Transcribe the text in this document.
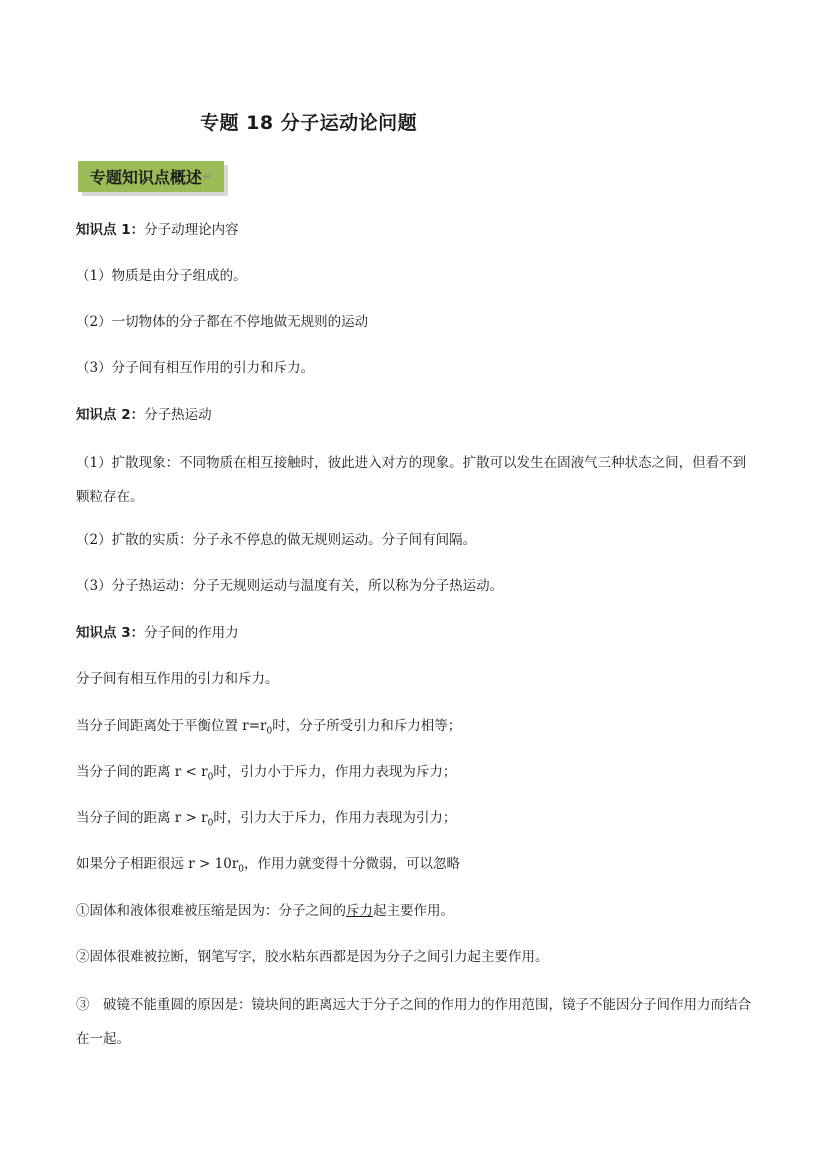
专题 18 分子运动论问题
专题知识点概述 ↵
知识点 1：分子动理论内容
（1）物质是由分子组成的。
（2）一切物体的分子都在不停地做无规则的运动
（3）分子间有相互作用的引力和斥力。
知识点 2：分子热运动
（1）扩散现象：不同物质在相互接触时，彼此进入对方的现象。扩散可以发生在固液气三种状态之间，但看不到颗粒存在。
（2）扩散的实质：分子永不停息的做无规则运动。分子间有间隔。
（3）分子热运动：分子无规则运动与温度有关，所以称为分子热运动。
知识点 3：分子间的作用力
分子间有相互作用的引力和斥力。
当分子间距离处于平衡位置 $r=r_0$时，分子所受引力和斥力相等；
当分子间的距离 $r < r_0$时，引力小于斥力，作用力表现为斥力；
当分子间的距离 $r > r_0$时，引力大于斥力，作用力表现为引力；
如果分子相距很远 $r > 10r_0$，作用力就变得十分微弱，可以忽略
①固体和液体很难被压缩是因为：分子之间的斥力起主要作用。
②固体很难被拉断，钢笔写字，胶水粘东西都是因为分子之间引力起主要作用。
③　破镜不能重圆的原因是：镜块间的距离远大于分子之间的作用力的作用范围，镜子不能因分子间作用力而结合在一起。
